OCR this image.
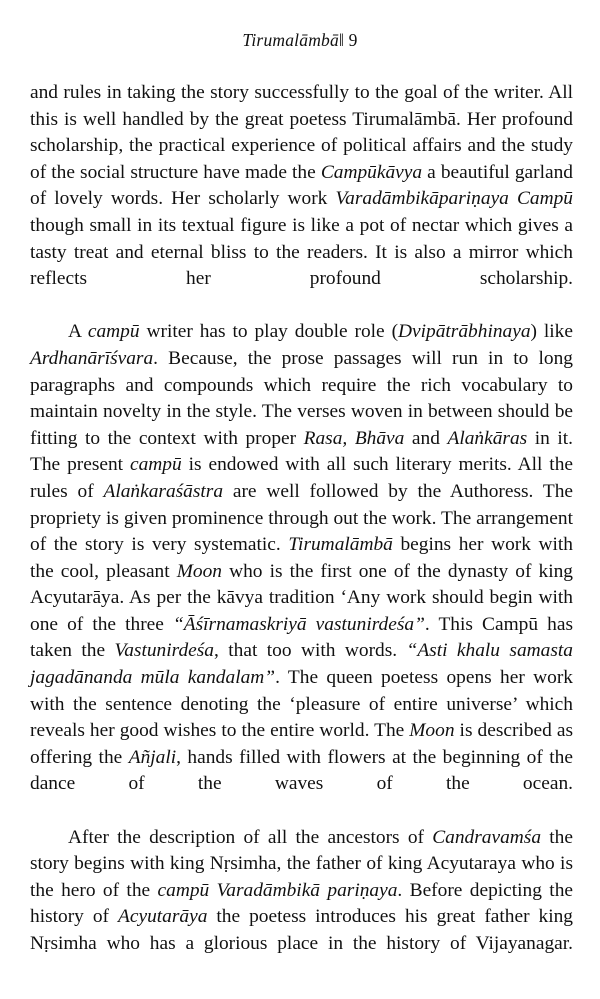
Tirumalāmbā‖ 9

and rules in taking the story successfully to the goal of the writer. All this is well handled by the great poetess Tirumalāmbā. Her profound scholarship, the practical experience of political affairs and the study of the social structure have made the Campūkāvya a beautiful garland of lovely words. Her scholarly work Varadāmbikāpariṇaya Campū though small in its textual figure is like a pot of nectar which gives a tasty treat and eternal bliss to the readers. It is also a mirror which reflects her profound scholarship.

A campū writer has to play double role (Dvipātrābhinaya) like Ardhanārīśvara. Because, the prose passages will run in to long paragraphs and compounds which require the rich vocabulary to maintain novelty in the style. The verses woven in between should be fitting to the context with proper Rasa, Bhāva and Alaṅkāras in it. The present campū is endowed with all such literary merits. All the rules of Alaṅkaraśāstra are well followed by the Authoress. The propriety is given prominence through out the work. The arrangement of the story is very systematic. Tirumalāmbā begins her work with the cool, pleasant Moon who is the first one of the dynasty of king Acyutarāya. As per the kāvya tradition ‘Any work should begin with one of the three “Āśīrnamaskriyā vastunirdeśa”. This Campū has taken the Vastunirdeśa, that too with words. “Asti khalu samasta jagadānanda mūla kandalam”. The queen poetess opens her work with the sentence denoting the ‘pleasure of entire universe’ which reveals her good wishes to the entire world. The Moon is described as offering the Añjali, hands filled with flowers at the beginning of the dance of the waves of the ocean.

After the description of all the ancestors of Candravamśa the story begins with king Nṛsimha, the father of king Acyutaraya who is the hero of the campū Varadāmbikā pariṇaya. Before depicting the history of Acyutarāya the poetess introduces his great father king Nṛsimha who has a glorious place in the history of Vijayanagar.
